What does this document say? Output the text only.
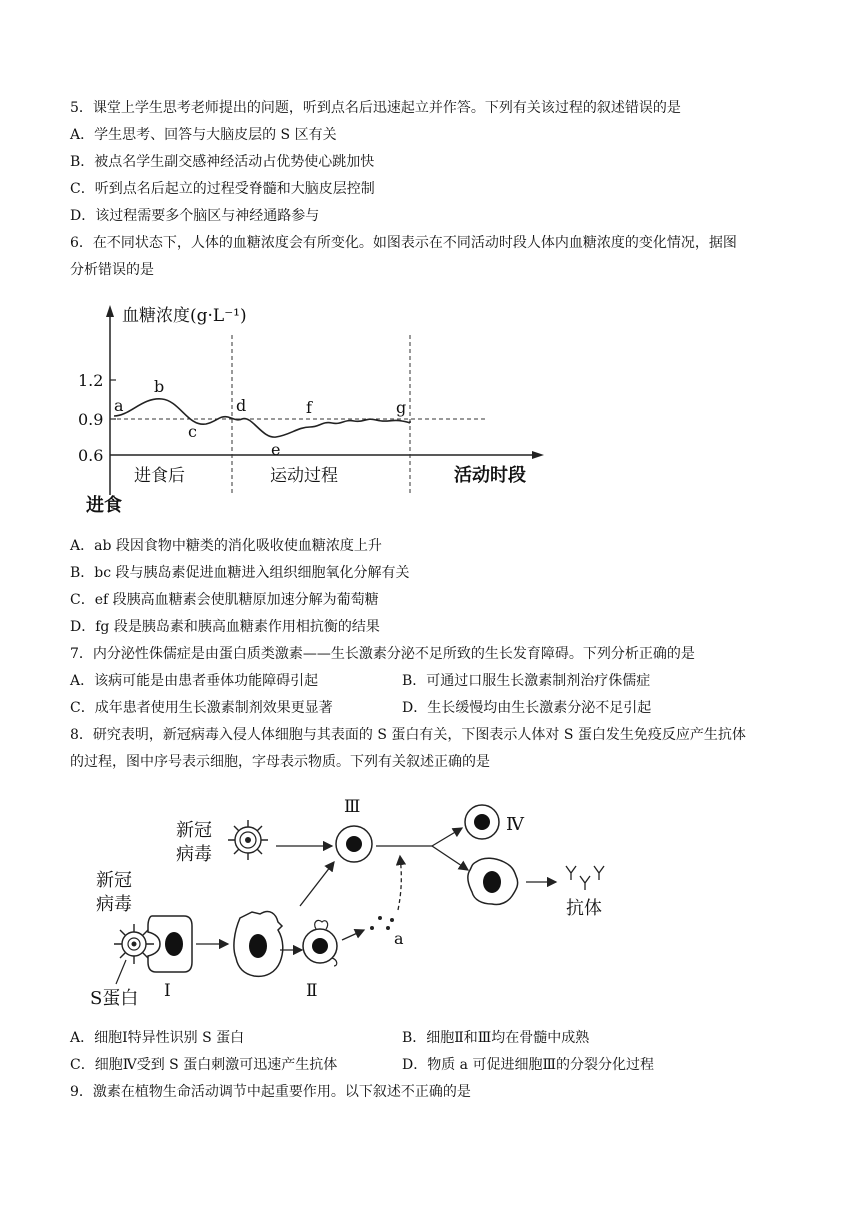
5．课堂上学生思考老师提出的问题，听到点名后迅速起立并作答。下列有关该过程的叙述错误的是
A．学生思考、回答与大脑皮层的 S 区有关
B．被点名学生副交感神经活动占优势使心跳加快
C．听到点名后起立的过程受脊髓和大脑皮层控制
D．该过程需要多个脑区与神经通路参与
6．在不同状态下，人体的血糖浓度会有所变化。如图表示在不同活动时段人体内血糖浓度的变化情况，据图
分析错误的是
血糖浓度(g·L⁻¹)
1.2
0.9
0.6
a
b
c
d	f	g
e
进食后	运动过程	活动时段
进食
A．ab 段因食物中糖类的消化吸收使血糖浓度上升
B．bc 段与胰岛素促进血糖进入组织细胞氧化分解有关
C．ef 段胰高血糖素会使肌糖原加速分解为葡萄糖
D．fg 段是胰岛素和胰高血糖素作用相抗衡的结果
7．内分泌性侏儒症是由蛋白质类激素——生长激素分泌不足所致的生长发育障碍。下列分析正确的是
A．该病可能是由患者垂体功能障碍引起	B．可通过口服生长激素制剂治疗侏儒症
C．成年患者使用生长激素制剂效果更显著	D．生长缓慢均由生长激素分泌不足引起
8．研究表明，新冠病毒入侵人体细胞与其表面的 S 蛋白有关，下图表示人体对 S 蛋白发生免疫反应产生抗体
的过程，图中序号表示细胞，字母表示物质。下列有关叙述正确的是
新冠
病毒
Ⅲ
Ⅳ
抗体
新冠
病毒
S蛋白 Ⅰ	Ⅱ
a
A．细胞Ⅰ特异性识别 S 蛋白	B．细胞Ⅱ和Ⅲ均在骨髓中成熟
C．细胞Ⅳ受到 S 蛋白刺激可迅速产生抗体	D．物质 a 可促进细胞Ⅲ的分裂分化过程
9．激素在植物生命活动调节中起重要作用。以下叙述不正确的是
